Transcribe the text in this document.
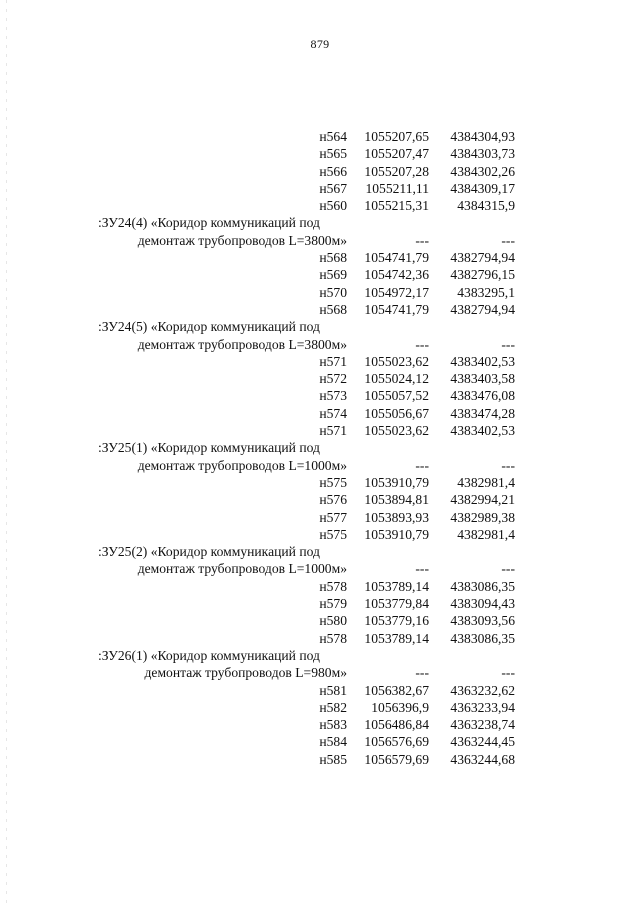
879
н564 1055207,65 4384304,93
н565 1055207,47 4384303,73
н566 1055207,28 4384302,26
н567 1055211,11 4384309,17
н560 1055215,31 4384315,9
:ЗУ24(4) «Коридор коммуникаций под
демонтаж трубопроводов L=3800м»	---	---
н568 1054741,79 4382794,94
н569 1054742,36 4382796,15
н570 1054972,17 4383295,1
н568 1054741,79 4382794,94
:ЗУ24(5) «Коридор коммуникаций под
демонтаж трубопроводов L=3800м»	---	---
н571 1055023,62 4383402,53
н572 1055024,12 4383403,58
н573 1055057,52 4383476,08
н574 1055056,67 4383474,28
н571 1055023,62 4383402,53
:ЗУ25(1) «Коридор коммуникаций под
демонтаж трубопроводов L=1000м»	---	---
н575 1053910,79 4382981,4
н576 1053894,81 4382994,21
н577 1053893,93 4382989,38
н575 1053910,79 4382981,4
:ЗУ25(2) «Коридор коммуникаций под
демонтаж трубопроводов L=1000м»	---	---
н578 1053789,14 4383086,35
н579 1053779,84 4383094,43
н580 1053779,16 4383093,56
н578 1053789,14 4383086,35
:ЗУ26(1) «Коридор коммуникаций под
демонтаж трубопроводов L=980м»	---	---
н581 1056382,67 4363232,62
н582 1056396,9 4363233,94
н583 1056486,84 4363238,74
н584 1056576,69 4363244,45
н585 1056579,69 4363244,68
